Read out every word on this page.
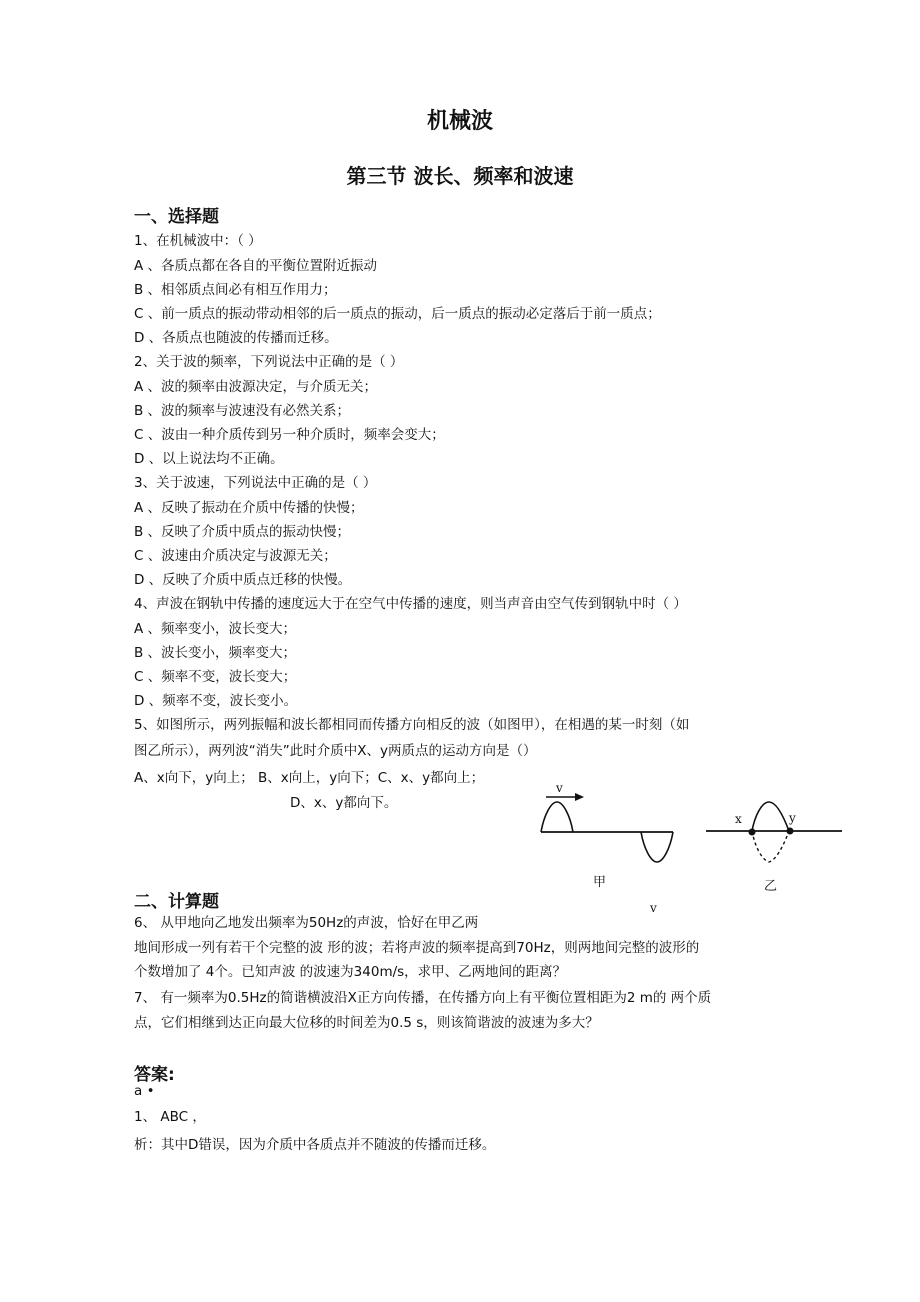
机械波
第三节 波长、频率和波速
一、选择题
1、在机械波中：（ ）
A 、各质点都在各自的平衡位置附近振动
B 、相邻质点间必有相互作用力；
C 、前一质点的振动带动相邻的后一质点的振动，后一质点的振动必定落后于前一质点；
D 、各质点也随波的传播而迁移。
2、关于波的频率，下列说法中正确的是（ ）
A 、波的频率由波源决定，与介质无关；
B 、波的频率与波速没有必然关系；
C 、波由一种介质传到另一种介质时，频率会变大；
D 、以上说法均不正确。
3、关于波速，下列说法中正确的是（ ）
A 、反映了振动在介质中传播的快慢；
B 、反映了介质中质点的振动快慢；
C 、波速由介质决定与波源无关；
D 、反映了介质中质点迁移的快慢。
4、声波在钢轨中传播的速度远大于在空气中传播的速度，则当声音由空气传到钢轨中时（ ）
A 、频率变小，波长变大；
B 、波长变小，频率变大；
C 、频率不变，波长变大；
D 、频率不变，波长变小。
5、如图所示，两列振幅和波长都相同而传播方向相反的波（如图甲），在相遇的某一时刻（如
图乙所示），两列波“消失”此时介质中X、y两质点的运动方向是（）
A、x向下，y向上； B、x向上，y向下；C、x、y都向上；
D、x、y都向下。
v
甲
v
x	y
乙
二、计算题
6、 从甲地向乙地发出频率为50Hz的声波，恰好在甲乙两
地间形成一列有若干个完整的波 形的波；若将声波的频率提高到70Hz，则两地间完整的波形的
个数增加了 4个。已知声波 的波速为340m/s，求甲、乙两地间的距离？
7、 有一频率为0.5Hz的简谐横波沿X正方向传播，在传播方向上有平衡位置相距为2 m的 两个质
点，它们相继到达正向最大位移的时间差为0.5 s，则该简谐波的波速为多大？
答案:
a •
1、 ABC ，
析：其中D错误，因为介质中各质点并不随波的传播而迁移。
